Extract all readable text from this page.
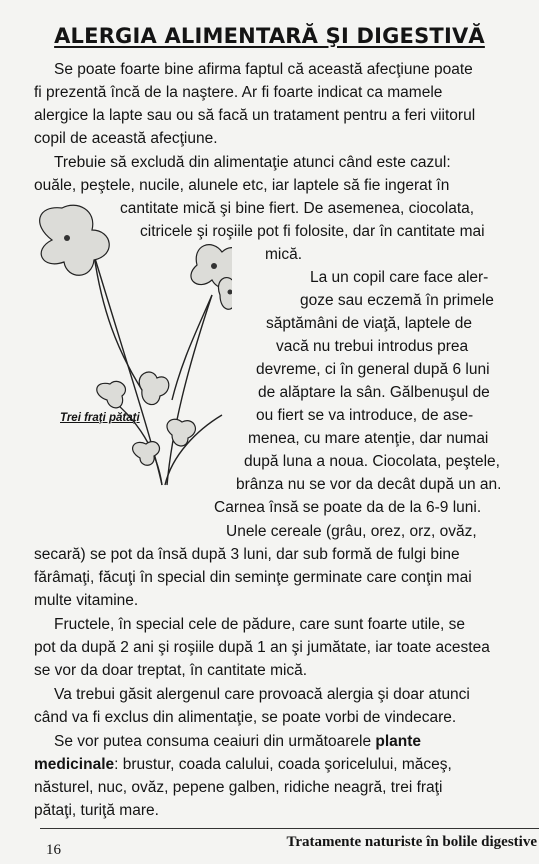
ALERGIA ALIMENTARĂ ŞI DIGESTIVĂ
Se poate foarte bine afirma faptul că această afecţiune poate
fi prezentă încă de la naştere. Ar fi foarte indicat ca mamele
alergice la lapte sau ou să facă un tratament pentru a feri viitorul
copil de această afecţiune.
Trebuie să excludă din alimentaţie atunci când este cazul:
ouăle, peştele, nucile, alunele etc, iar laptele să fie ingerat în
cantitate mică şi bine fiert. De asemenea, ciocolata,
citricele şi roşiile pot fi folosite, dar în cantitate mai
mică.
La un copil care face aler-
goze sau eczemă în primele
săptămâni de viaţă, laptele de
vacă nu trebui introdus prea
devreme, ci în general după 6 luni
de alăptare la sân. Gălbenuşul de
ou fiert se va introduce, de ase-
menea, cu mare atenţie, dar numai
după luna a noua. Ciocolata, peştele,
brânza nu se vor da decât după un an.
Carnea însă se poate da de la 6-9 luni.
Unele cereale (grâu, orez, orz, ovăz,
secară) se pot da însă după 3 luni, dar sub formă de fulgi bine
fărâmaţi, făcuţi în special din seminţe germinate care conţin mai
multe vitamine.
Fructele, în special cele de pădure, care sunt foarte utile, se
pot da după 2 ani şi roşiile după 1 an şi jumătate, iar toate acestea
se vor da doar treptat, în cantitate mică.
Va trebui găsit alergenul care provoacă alergia şi doar atunci
când va fi exclus din alimentaţie, se poate vorbi de vindecare.
Se vor putea consuma ceaiuri din următoarele plante
medicinale: brustur, coada calului, coada şoricelului, măceş,
năsturel, nuc, ovăz, pepene galben, ridiche neagră, trei fraţi
pătaţi, turiţă mare.
Trei fraţi pătaţi
16	Tratamente naturiste în bolile digestive
